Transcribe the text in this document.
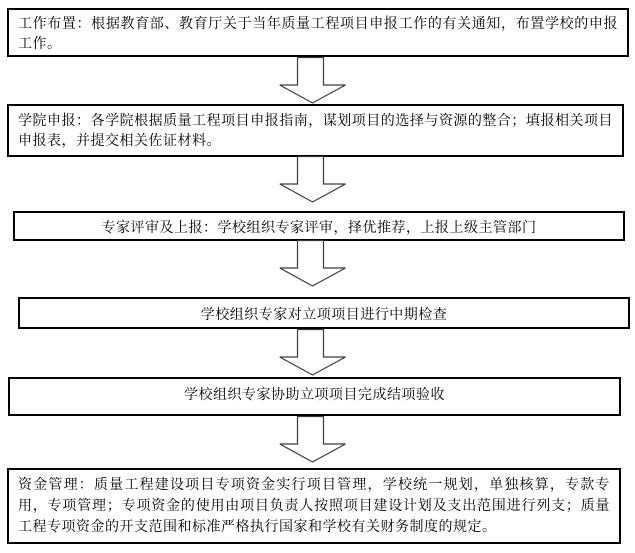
工作布置：根据教育部、教育厅关于当年质量工程项目申报工作的有关通知，布置学校的申报工作。
学院申报：各学院根据质量工程项目申报指南，谋划项目的选择与资源的整合；填报相关项目申报表，并提交相关佐证材料。
专家评审及上报：学校组织专家评审，择优推荐，上报上级主管部门
学校组织专家对立项项目进行中期检查
学校组织专家协助立项项目完成结项验收
资金管理：质量工程建设项目专项资金实行项目管理，学校统一规划，单独核算，专款专用，专项管理；专项资金的使用由项目负责人按照项目建设计划及支出范围进行列支；质量工程专项资金的开支范围和标准严格执行国家和学校有关财务制度的规定。
